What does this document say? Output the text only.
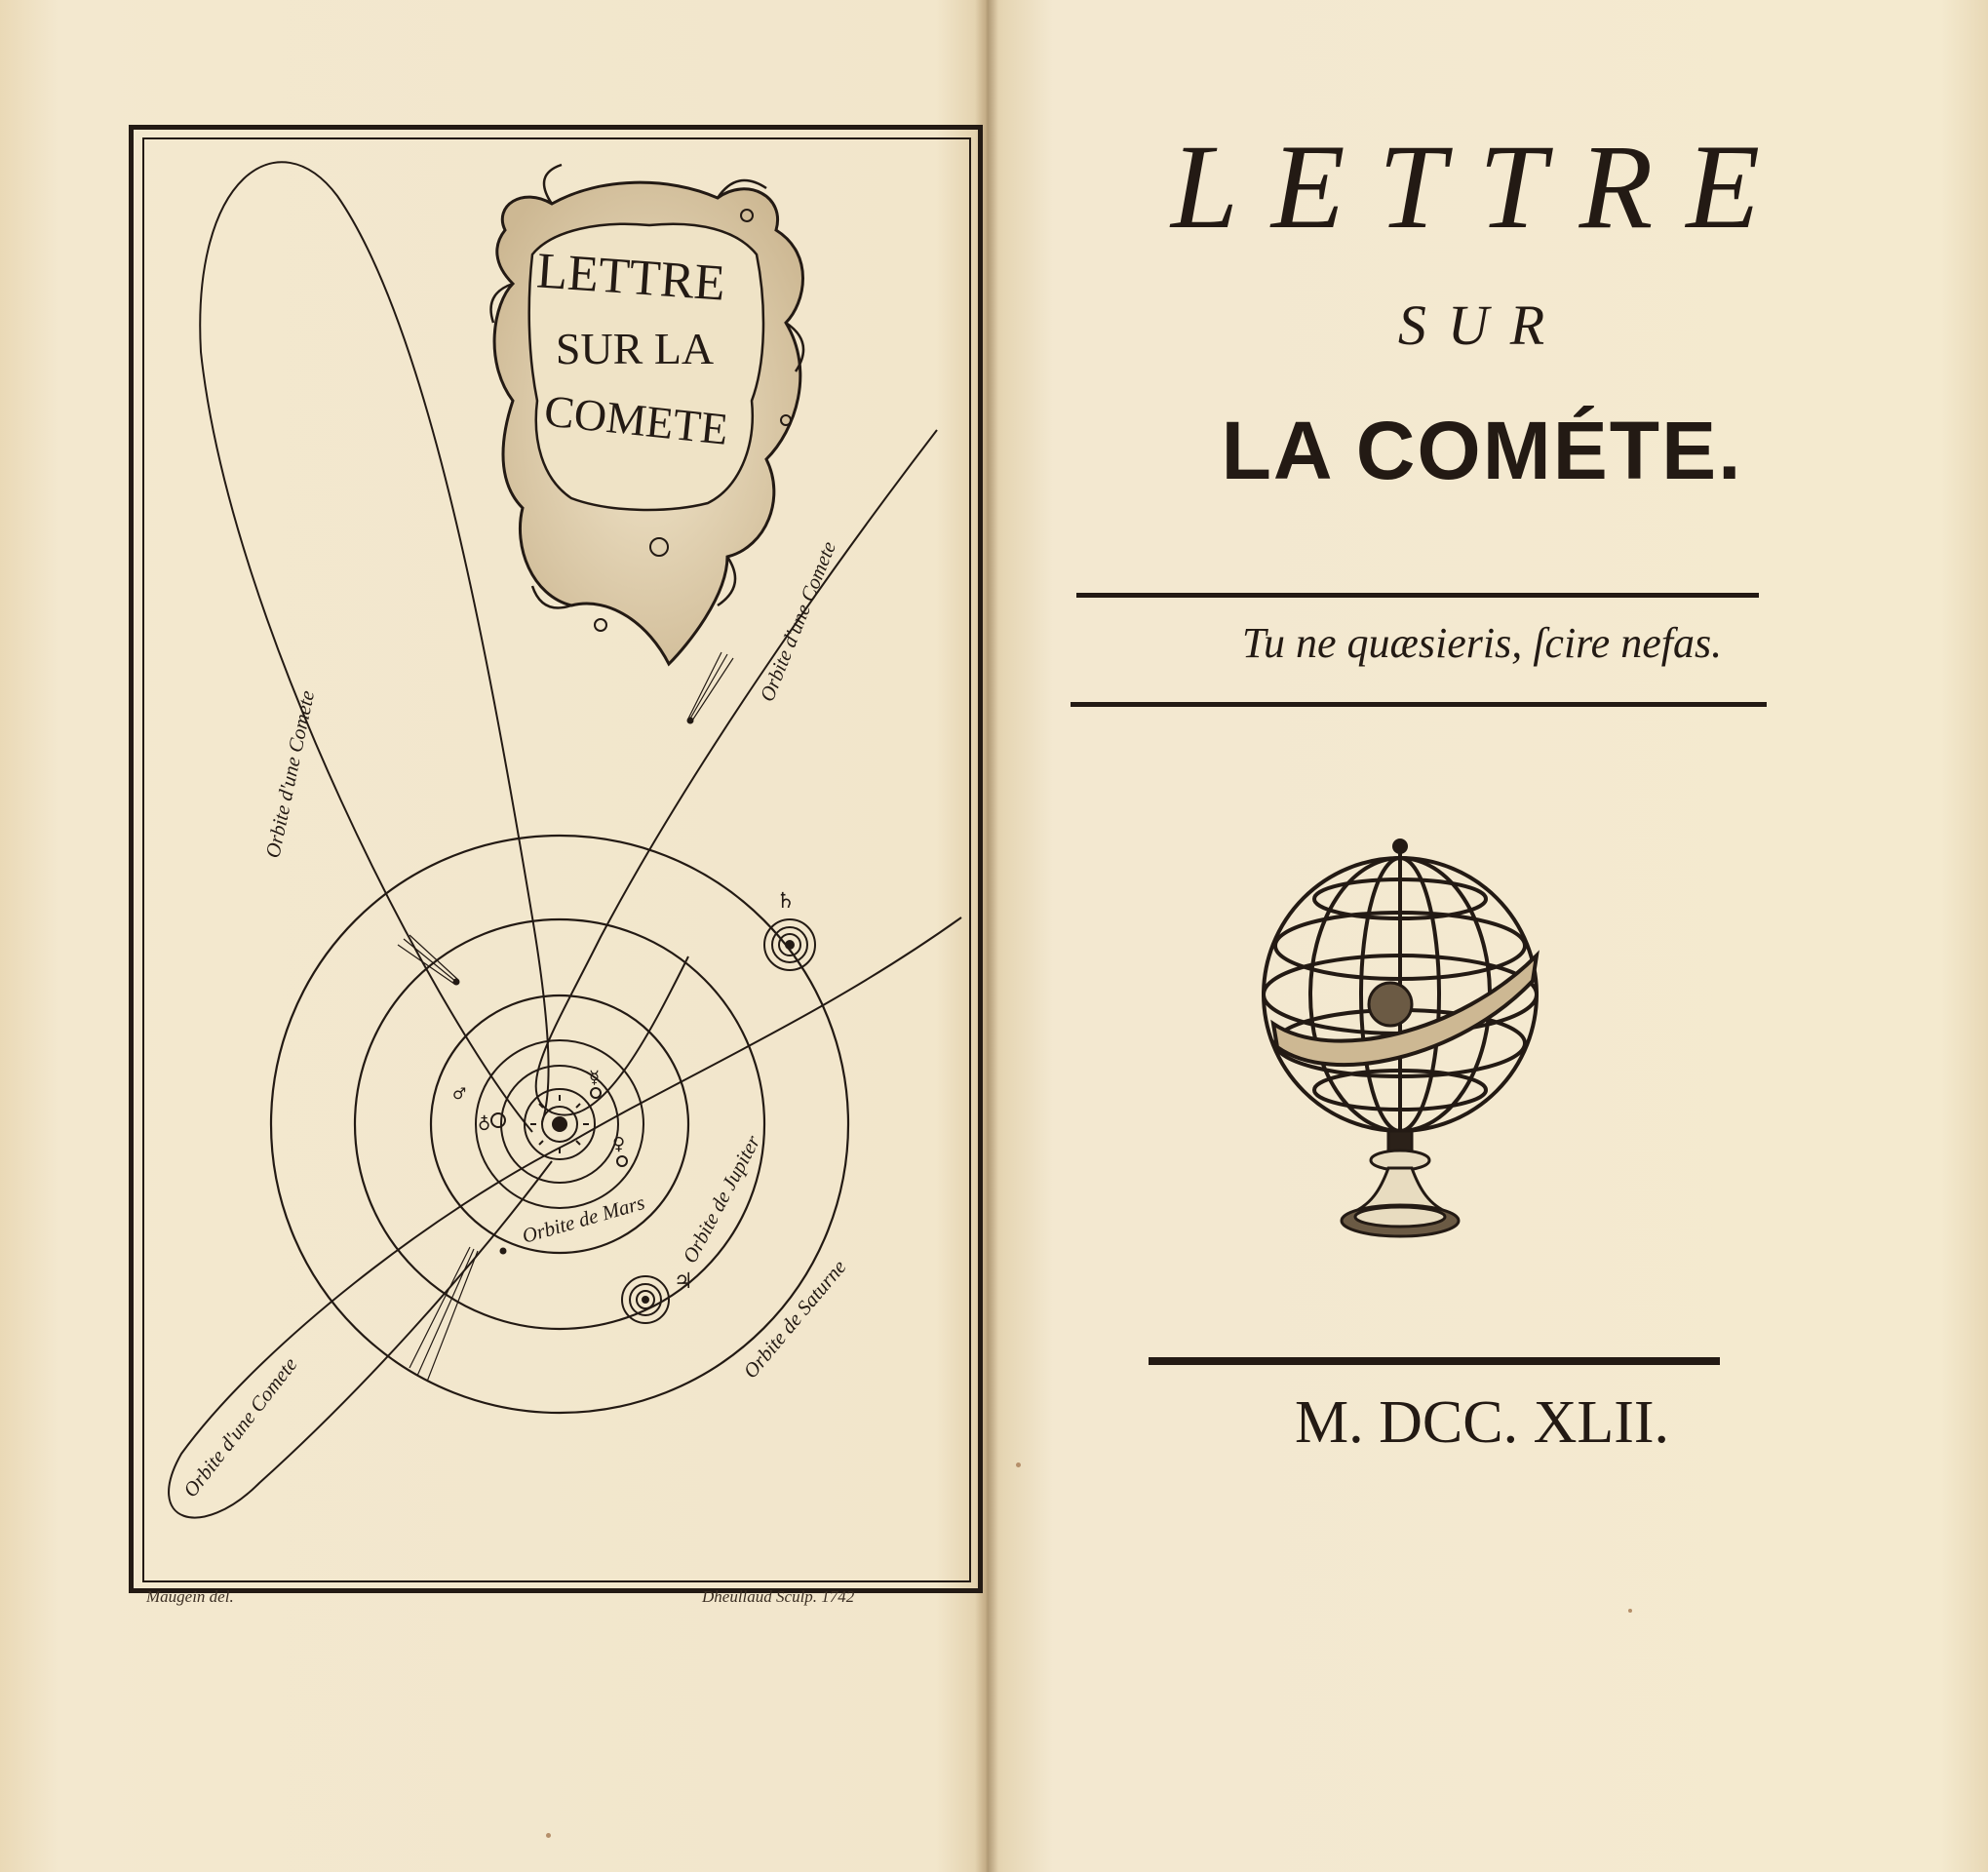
LETTRE
SUR LA
COMETE
♄
♃
♀
☿
♁
♂
Orbite d'une Comete
Orbite d'une Comete
Orbite d'une Comete
Orbite de Mars Orbite de Jupiter
Orbite de Saturne
Maugein del.	Dheullaud Sculp. 1742
LETTRE
SUR
LA COMÉTE.
Tu ne quæsieris, ſcire nefas.
M. DCC. XLII.
